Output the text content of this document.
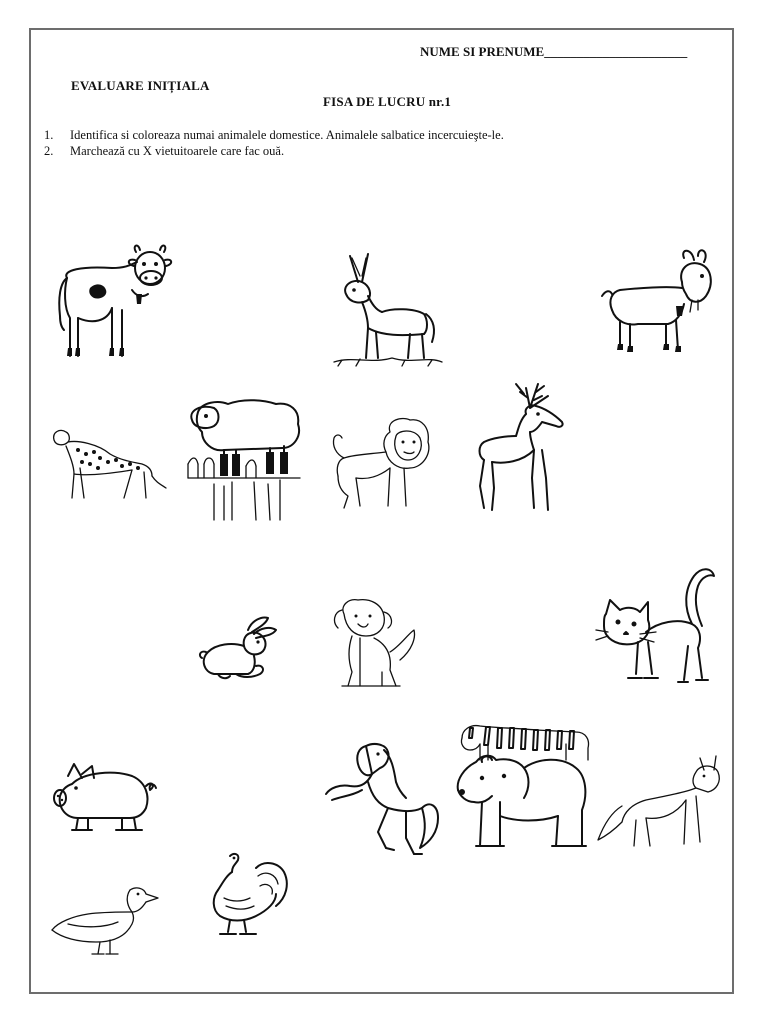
NUME SI PRENUME______________________
EVALUARE INIȚIALA
FISA DE LUCRU nr.1
1.	Identifica si coloreaza numai animalele domestice. Animalele salbatice incercuieşte-le.
2.	Marchează cu X vietuitoarele care fac ouă.
